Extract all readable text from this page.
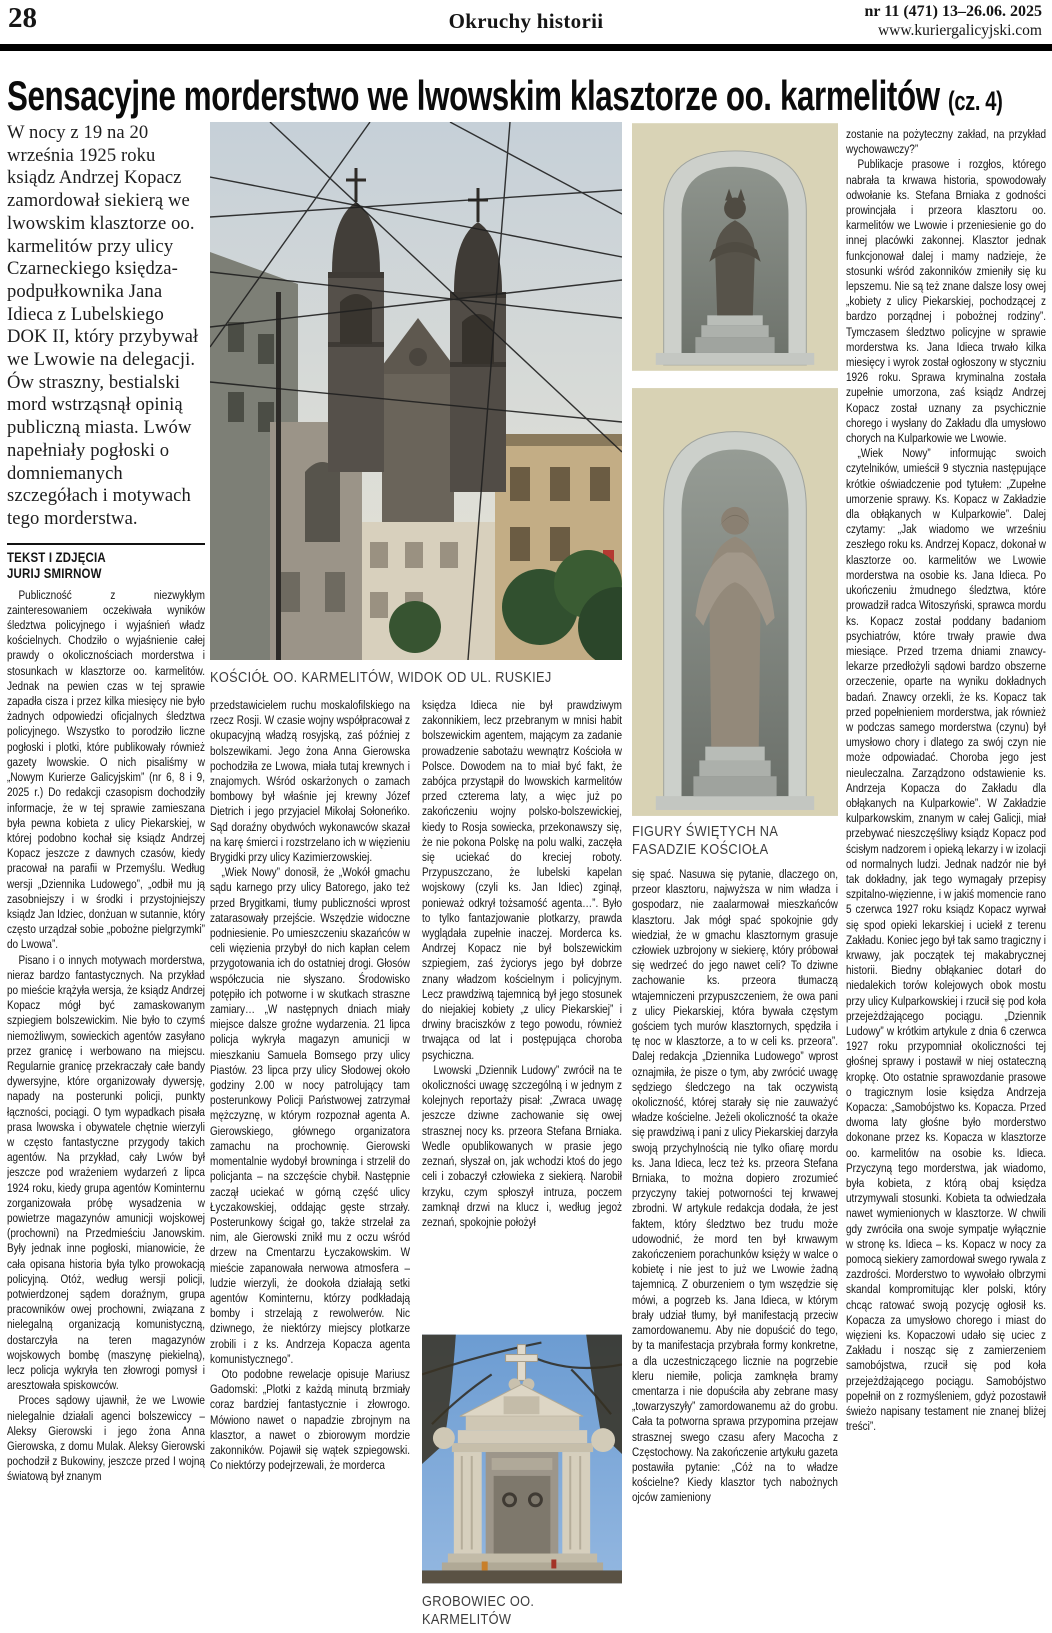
28	Okruchy historii	nr 11 (471) 13–26.06. 2025
www.kuriergalicyjski.com
Sensacyjne morderstwo we lwowskim klasztorze oo. karmelitów (cz. 4)
W nocy z 19 na 20 września 1925 roku ksiądz Andrzej Kopacz zamordował siekierą we lwowskim klasztorze oo. karmelitów przy ulicy Czarneckiego księdza-podpułkownika Jana Idieca z Lubelskiego DOK II, który przybywał we Lwowie na delegacji. Ów straszny, bestialski mord wstrząsnął opinią publiczną miasta. Lwów napełniały pogłoski o domniemanych szczegółach i motywach tego morderstwa.
TEKST I ZDJĘCIA
JURIJ SMIRNOW

Publiczność z niezwykłym zainteresowaniem oczekiwała wyników śledztwa policyjnego i wyjaśnień władz kościelnych. Chodziło o wyjaśnienie całej prawdy o okolicznościach morderstwa i stosunkach w klasztorze oo. karmelitów. Jednak na pewien czas w tej sprawie zapadła cisza i przez kilka miesięcy nie było żadnych odpowiedzi oficjalnych śledztwa policyjnego. Wszystko to porodziło liczne pogłoski i plotki, które publikowały również gazety lwowskie. O nich pisaliśmy w „Nowym Kurierze Galicyjskim” (nr 6, 8 i 9, 2025 r.) Do redakcji czasopism dochodziły informacje, że w tej sprawie zamieszana była pewna kobieta z ulicy Piekarskiej, w której podobno kochał się ksiądz Andrzej Kopacz jeszcze z dawnych czasów, kiedy pracował na parafii w Przemyślu. Według wersji „Dziennika Ludowego”, „odbił mu ją zasobniejszy i w środki i przystojniejszy ksiądz Jan Idziec, donżuan w sutannie, który często urządzał sobie „pobożne pielgrzymki” do Lwowa”.

Pisano i o innych motywach morderstwa, nieraz bardzo fantastycznych. Na przykład po mieście krążyła wersja, że ksiądz Andrzej Kopacz mógł być zamaskowanym szpiegiem bolszewickim. Nie było to czymś niemożliwym, sowieckich agentów zasyłano przez granicę i werbowano na miejscu. Regularnie granicę przekraczały całe bandy dywersyjne, które organizowały dywersję, napady na posterunki policji, punkty łączności, pociągi. O tym wypadkach pisała prasa lwowska i obywatele chętnie wierzyli w często fantastyczne przygody takich agentów. Na przykład, cały Lwów był jeszcze pod wrażeniem wydarzeń z lipca 1924 roku, kiedy grupa agentów Kominternu zorganizowała próbę wysadzenia w powietrze magazynów amunicji wojskowej (prochowni) na Przedmieściu Janowskim. Były jednak inne pogłoski, mianowicie, że cała opisana historia była tylko prowokacją policyjną. Otóż, według wersji policji, potwierdzonej sądem doraźnym, grupa pracowników owej prochowni, związana z nielegalną organizacją komunistyczną, dostarczyła na teren magazynów wojskowych bombę (maszynę piekielną), lecz policja wykryła ten złowrogi pomysł i aresztowała spiskowców.

Proces sądowy ujawnił, że we Lwowie nielegalnie działali agenci bolszewiccy – Aleksy Gierowski i jego żona Anna Gierowska, z domu Mulak. Aleksy Gierowski pochodził z Bukowiny, jeszcze przed I wojną światową był znanym

KOŚCIÓŁ OO. KARMELITÓW, WIDOK OD UL. RUSKIEJ

przedstawicielem ruchu moskalofilskiego na rzecz Rosji. W czasie wojny współpracował z okupacyjną władzą rosyjską, zaś później z bolszewikami. Jego żona Anna Gierowska pochodziła ze Lwowa, miała tutaj krewnych i znajomych. Wśród oskarżonych o zamach bombowy był właśnie jej krewny Józef Dietrich i jego przyjaciel Mikołaj Sołoneńko. Sąd doraźny obydwóch wykonawców skazał na karę śmierci i rozstrzelano ich w więzieniu Brygidki przy ulicy Kazimierzowskiej.

„Wiek Nowy” donosił, że „Wokół gmachu sądu karnego przy ulicy Batorego, jako też przed Brygitkami, tłumy publiczności wprost zatarasowały przejście. Wszędzie widoczne podniesienie. Po umieszczeniu skazańców w celi więzienia przybył do nich kapłan celem przygotowania ich do ostatniej drogi. Głosów współczucia nie słyszano. Środowisko potępiło ich potworne i w skutkach straszne zamiary… „W następnych dniach miały miejsce dalsze groźne wydarzenia. 21 lipca policja wykryła magazyn amunicji w mieszkaniu Samuela Bomsego przy ulicy Piastów. 23 lipca przy ulicy Słodowej około godziny 2.00 w nocy patrolujący tam posterunkowy Policji Państwowej zatrzymał mężczyznę, w którym rozpoznał agenta A. Gierowskiego, głównego organizatora zamachu na prochownię. Gierowski momentalnie wydobył browninga i strzelił do policjanta – na szczęście chybił. Następnie zaczął uciekać w górną część ulicy Łyczakowskiej, oddając gęste strzały. Posterunkowy ścigał go, także strzelał za nim, ale Gierowski znikł mu z oczu wśród drzew na Cmentarzu Łyczakowskim. W mieście zapanowała nerwowa atmosfera – ludzie wierzyli, że dookoła działają setki agentów Kominternu, którzy podkładają bomby i strzelają z rewolwerów. Nic dziwnego, że niektórzy miejscy plotkarze zrobili i z ks. Andrzeja Kopacza agenta komunistycznego”.

Oto podobne rewelacje opisuje Mariusz Gadomski: „Plotki z każdą minutą brzmiały coraz bardziej fantastycznie i złowrogo. Mówiono nawet o napadzie zbrojnym na klasztor, a nawet o zbiorowym mordzie zakonników. Pojawił się wątek szpiegowski. Co niektórzy podejrzewali, że morderca

księdza Idieca nie był prawdziwym zakonnikiem, lecz przebranym w mnisi habit bolszewickim agentem, mającym za zadanie prowadzenie sabotażu wewnątrz Kościoła w Polsce. Dowodem na to miał być fakt, że zabójca przystąpił do lwowskich karmelitów przed czterema laty, a więc już po zakończeniu wojny polsko-bolszewickiej, kiedy to Rosja sowiecka, przekonawszy się, że nie pokona Polskę na polu walki, zaczęła się uciekać do kreciej roboty. Przypuszczano, że lubelski kapelan wojskowy (czyli ks. Jan Idiec) zginął, ponieważ odkrył tożsamość agenta…”. Było to tylko fantazjowanie plotkarzy, prawda wyglądała zupełnie inaczej. Morderca ks. Andrzej Kopacz nie był bolszewickim szpiegiem, zaś życiorys jego był dobrze znany władzom kościelnym i policyjnym. Lecz prawdziwą tajemnicą był jego stosunek do niejakiej kobiety „z ulicy Piekarskiej” i drwiny braciszków z tego powodu, również trwająca od lat i postępująca choroba psychiczna.

Lwowski „Dziennik Ludowy” zwrócił na te okoliczności uwagę szczególną i w jednym z kolejnych reportaży pisał: „Zwraca uwagę jeszcze dziwne zachowanie się owej strasznej nocy ks. przeora Stefana Brniaka. Wedle opublikowanych w prasie jego zeznań, słyszał on, jak wchodzi ktoś do jego celi i zobaczył człowieka z siekierą. Narobił krzyku, czym spłoszył intruza, poczem zamknął drzwi na klucz i, według jegoż zeznań, spokojnie położył

GROBOWIEC OO. KARMELITÓW
FIGURY ŚWIĘTYCH NA FASADZIE KOŚCIOŁA

się spać. Nasuwa się pytanie, dlaczego on, przeor klasztoru, najwyższa w nim władza i gospodarz, nie zaalarmował mieszkańców klasztoru. Jak mógł spać spokojnie gdy wiedział, że w gmachu klasztornym grasuje człowiek uzbrojony w siekierę, który próbował się wedrzeć do jego nawet celi? To dziwne zachowanie ks. przeora tłumaczą wtajemniczeni przypuszczeniem, że owa pani z ulicy Piekarskiej, która bywała częstym gościem tych murów klasztornych, spędziła i tę noc w klasztorze, a to w celi ks. przeora”. Dalej redakcja „Dziennika Ludowego” wprost oznajmiła, że pisze o tym, aby zwrócić uwagę sędziego śledczego na tak oczywistą okoliczność, której starały się nie zauważyć władze kościelne. Jeżeli okoliczność ta okaże się prawdziwą i pani z ulicy Piekarskiej darzyła swoją przychylnością nie tylko ofiarę mordu ks. Jana Idieca, lecz też ks. przeora Stefana Brniaka, to można dopiero zrozumieć przyczyny takiej potworności tej krwawej zbrodni. W artykule redakcja dodała, że jest faktem, który śledztwo bez trudu może udowodnić, że mord ten był krwawym zakończeniem porachunków księży w walce o kobietę i nie jest to już we Lwowie żadną tajemnicą. Z oburzeniem o tym wszędzie się mówi, a pogrzeb ks. Jana Idieca, w którym brały udział tłumy, był manifestacją przeciw zamordowanemu. Aby nie dopuścić do tego, by ta manifestacja przybrała formy konkretne, a dla uczestniczącego licznie na pogrzebie kleru niemiłe, policja zamknęła bramy cmentarza i nie dopuściła aby zebrane masy „towarzyszyły” zamordowanemu aż do grobu. Cała ta potworna sprawa przypomina przejaw strasznej swego czasu afery Macocha z Częstochowy. Na zakończenie artykułu gazeta postawiła pytanie: „Cóż na to władze kościelne? Kiedy klasztor tych nabożnych ojców zamieniony

zostanie na pożyteczny zakład, na przykład wychowawczy?”

Publikacje prasowe i rozgłos, którego nabrała ta krwawa historia, spowodowały odwołanie ks. Stefana Brniaka z godności prowincjała i przeora klasztoru oo. karmelitów we Lwowie i przeniesienie go do innej placówki zakonnej. Klasztor jednak funkcjonował dalej i mamy nadzieje, że stosunki wśród zakonników zmieniły się ku lepszemu. Nie są też znane dalsze losy owej „kobiety z ulicy Piekarskiej, pochodzącej z bardzo porządnej i pobożnej rodziny”. Tymczasem śledztwo policyjne w sprawie morderstwa ks. Jana Idieca trwało kilka miesięcy i wyrok został ogłoszony w styczniu 1926 roku. Sprawa kryminalna została zupełnie umorzona, zaś ksiądz Andrzej Kopacz został uznany za psychicznie chorego i wysłany do Zakładu dla umysłowo chorych na Kulparkowie we Lwowie.

„Wiek Nowy” informując swoich czytelników, umieścił 9 stycznia następujące krótkie oświadczenie pod tytułem: „Zupełne umorzenie sprawy. Ks. Kopacz w Zakładzie dla obłąkanych w Kulparkowie”. Dalej czytamy: „Jak wiadomo we wrześniu zeszłego roku ks. Andrzej Kopacz, dokonał w klasztorze oo. karmelitów we Lwowie morderstwa na osobie ks. Jana Idieca. Po ukończeniu żmudnego śledztwa, które prowadził radca Witoszyński, sprawca mordu ks. Kopacz został poddany badaniom psychiatrów, które trwały prawie dwa miesiące. Przed trzema dniami znawcy-lekarze przedłożyli sądowi bardzo obszerne orzeczenie, oparte na wyniku dokładnych badań. Znawcy orzekli, że ks. Kopacz tak przed popełnieniem morderstwa, jak również w podczas samego morderstwa (czynu) był umysłowo chory i dlatego za swój czyn nie może odpowiadać. Choroba jego jest nieuleczalna. Zarządzono odstawienie ks. Andrzeja Kopacza do Zakładu dla obłąkanych na Kulparkowie”. W Zakładzie kulparkowskim, znanym w całej Galicji, miał przebywać nieszczęśliwy ksiądz Kopacz pod ścisłym nadzorem i opieką lekarzy i w izolacji od normalnych ludzi. Jednak nadzór nie był tak dokładny, jak tego wymagały przepisy szpitalno-więzienne, i w jakiś momencie rano 5 czerwca 1927 roku ksiądz Kopacz wyrwał się spod opieki lekarskiej i uciekł z terenu Zakładu. Koniec jego był tak samo tragiczny i krwawy, jak początek tej makabrycznej historii. Biedny obłąkaniec dotarł do niedalekich torów kolejowych obok mostu przy ulicy Kulparkowskiej i rzucił się pod koła przejeżdżającego pociągu. „Dziennik Ludowy” w krótkim artykule z dnia 6 czerwca 1927 roku przypomniał okoliczności tej głośnej sprawy i postawił w niej ostateczną kropkę. Oto ostatnie sprawozdanie prasowe o tragicznym losie księdza Andrzeja Kopacza: „Samobójstwo ks. Kopacza. Przed dwoma laty głośne było morderstwo dokonane przez ks. Kopacza w klasztorze oo. karmelitów na osobie ks. Idieca. Przyczyną tego morderstwa, jak wiadomo, była kobieta, z którą obaj księdza utrzymywali stosunki. Kobieta ta odwiedzała nawet wymienionych w klasztorze. W chwili gdy zwróciła ona swoje sympatje wyłącznie w stronę ks. Idieca – ks. Kopacz w nocy za pomocą siekiery zamordował swego rywala z zazdrości. Morderstwo to wywołało olbrzymi skandal kompromitując kler polski, który chcąc ratować swoją pozycję ogłosił ks. Kopacza za umysłowo chorego i miast do więzieni ks. Kopaczowi udało się uciec z Zakładu i nosząc się z zamierzeniem samobójstwa, rzucił się pod koła przejeżdżającego pociągu. Samobójstwo popełnił on z rozmyśleniem, gdyż pozostawił świeżo napisany testament nie znanej bliżej treści”.
